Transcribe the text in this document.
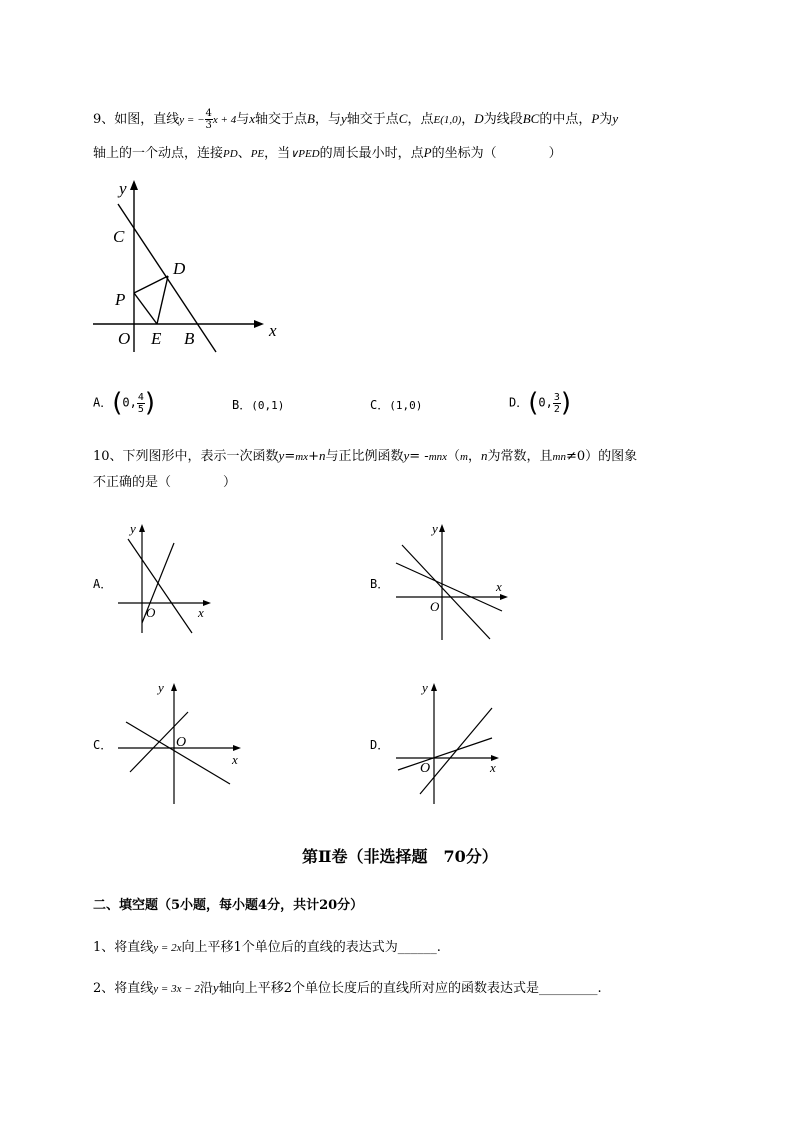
9、如图，直线y = − $\frac{4}{3}$ x + 4与x轴交于点B，与y轴交于点C，点E(1,0)，D为线段BC的中点，P为y
轴上的一个动点，连接PD、PE，当∨PED的周长最小时，点P的坐标为（	）
y
C
D
P
O E B	x
A．(0, $\frac{4}{5}$ )	B．(0,1)	C．(1,0)	D．(0, $\frac{3}{2}$ )
10、下列图形中，表示一次函数y=mx+n与正比例函数y= -mnx（m，n为常数，且mn≠0）的图象
不正确的是（	）
A．	B．
C．	D．
y
O	x
y
O
x
y
O
x
y
O	x
第Ⅱ卷（非选择题　70分）
二、填空题（5小题，每小题4分，共计20分）
1、将直线y = 2x向上平移1个单位后的直线的表达式为______.
2、将直线y = 3x − 2沿y轴向上平移2个单位长度后的直线所对应的函数表达式是_________.
